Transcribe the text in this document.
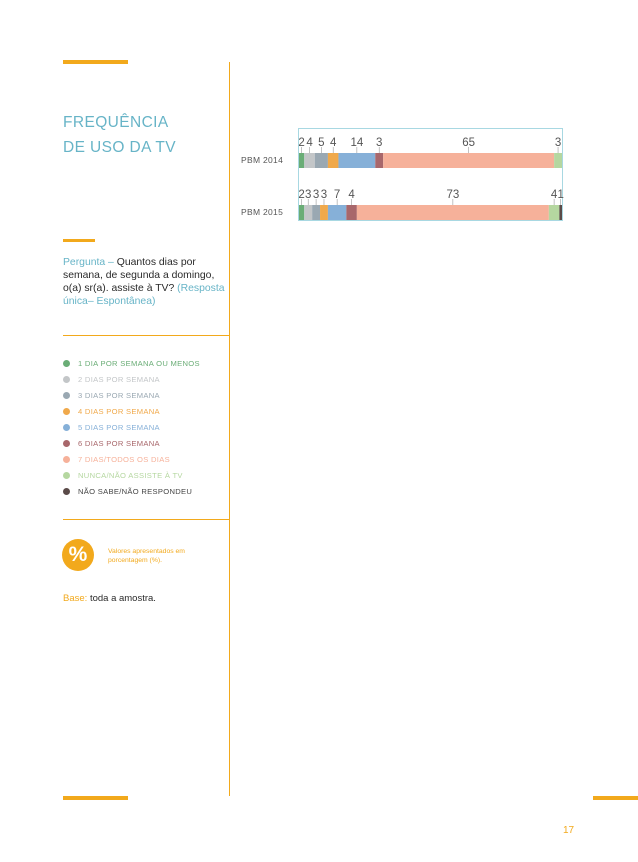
FREQUÊNCIA
DE USO DA TV
Pergunta – Quantos dias por semana, de segunda a domingo, o(a) sr(a). assiste à TV? (Resposta única– Espontânea)
1 DIA POR SEMANA OU MENOS
2 DIAS POR SEMANA
3 DIAS POR SEMANA
4 DIAS POR SEMANA
5 DIAS POR SEMANA
6 DIAS POR SEMANA
7 DIAS/TODOS OS DIAS
NUNCA/NÃO ASSISTE À TV
NÃO SABE/NÃO RESPONDEU
%	Valores apresentados em porcentagem (%).
Base: toda a amostra.
PBM 2014
2 4 5 4 14 3	65	3
PBM 2015
2 3 3 3 7 4	73	4 1
17
